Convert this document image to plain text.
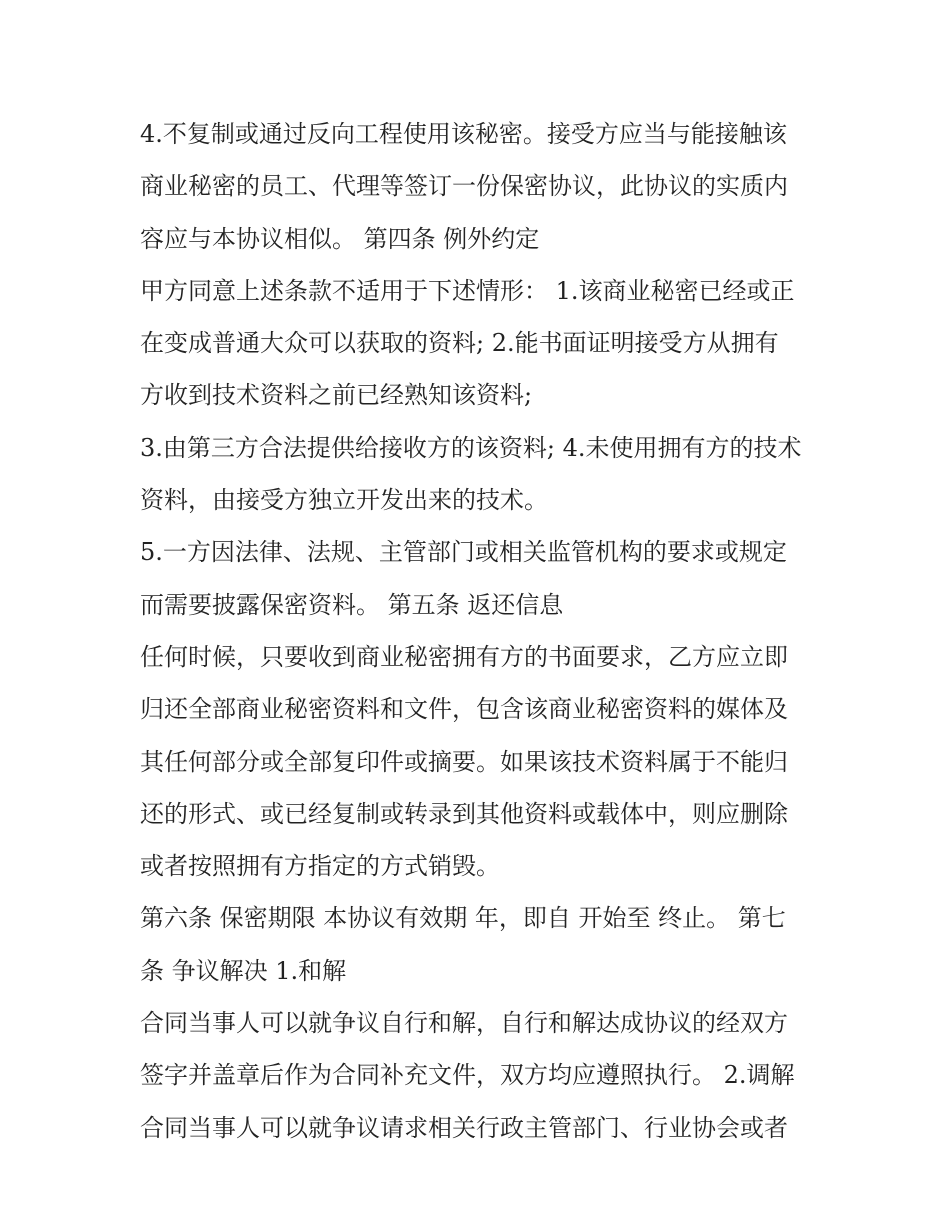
4.不复制或通过反向工程使用该秘密。接受方应当与能接触该
商业秘密的员工、代理等签订一份保密协议，此协议的实质内
容应与本协议相似。 第四条 例外约定
甲方同意上述条款不适用于下述情形： 1.该商业秘密已经或正
在变成普通大众可以获取的资料; 2.能书面证明接受方从拥有
方收到技术资料之前已经熟知该资料;
3.由第三方合法提供给接收方的该资料; 4.未使用拥有方的技术
资料，由接受方独立开发出来的技术。
5.一方因法律、法规、主管部门或相关监管机构的要求或规定
而需要披露保密资料。 第五条 返还信息
任何时候，只要收到商业秘密拥有方的书面要求，乙方应立即
归还全部商业秘密资料和文件，包含该商业秘密资料的媒体及
其任何部分或全部复印件或摘要。如果该技术资料属于不能归
还的形式、或已经复制或转录到其他资料或载体中，则应删除
或者按照拥有方指定的方式销毁。
第六条 保密期限 本协议有效期 年，即自 开始至 终止。 第七
条 争议解决 1.和解
合同当事人可以就争议自行和解，自行和解达成协议的经双方
签字并盖章后作为合同补充文件，双方均应遵照执行。 2.调解
合同当事人可以就争议请求相关行政主管部门、行业协会或者
